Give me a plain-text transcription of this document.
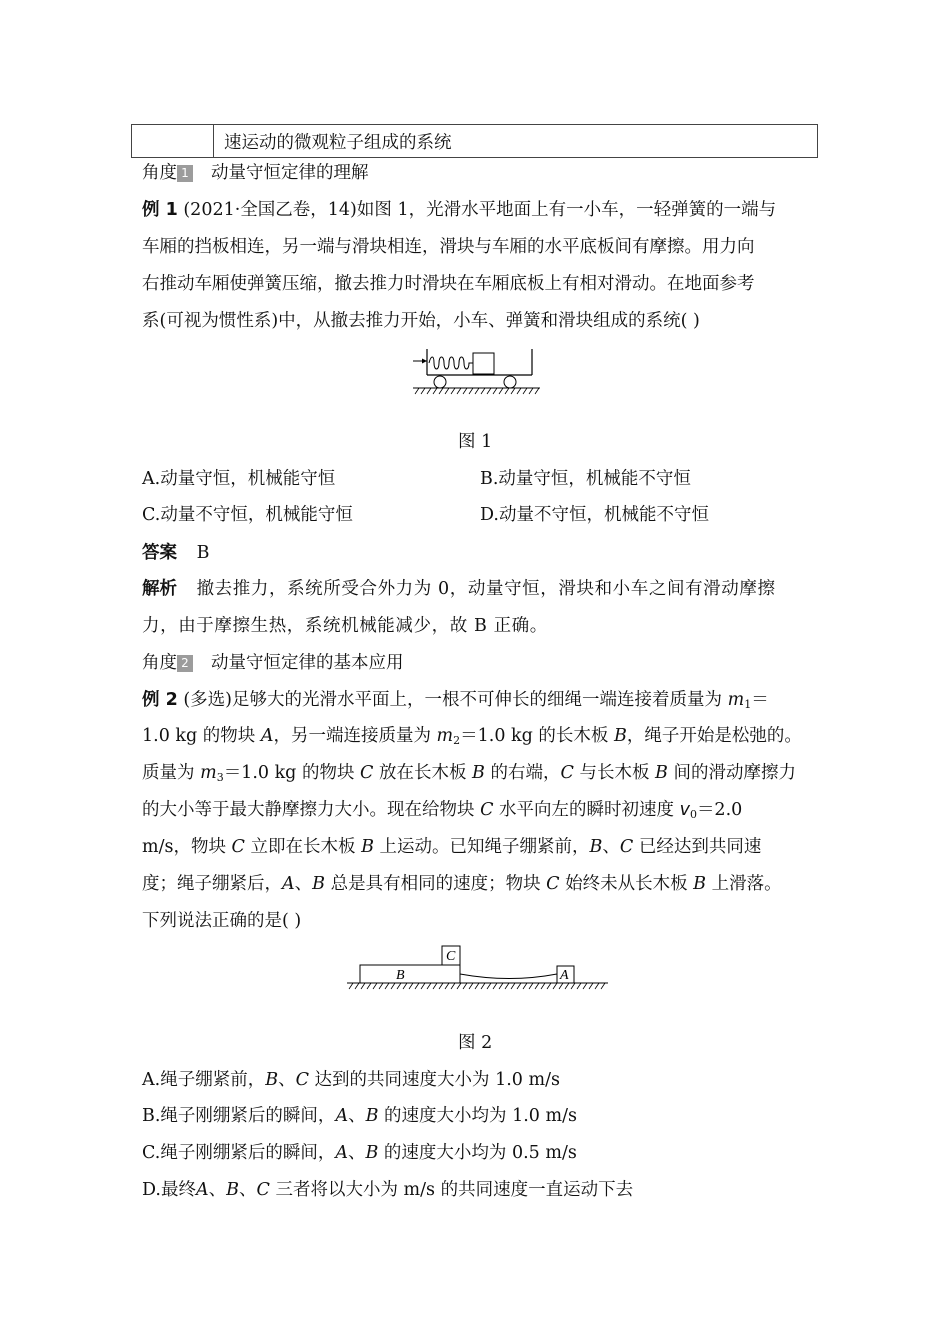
速运动的微观粒子组成的系统
角度 1 动量守恒定律的理解
例 1 (2021·全国乙卷，14)如图 1，光滑水平地面上有一小车，一轻弹簧的一端与
车厢的挡板相连，另一端与滑块相连，滑块与车厢的水平底板间有摩擦。用力向
右推动车厢使弹簧压缩，撤去推力时滑块在车厢底板上有相对滑动。在地面参考
系(可视为惯性系)中，从撤去推力开始，小车、弹簧和滑块组成的系统( )
图 1
A.动量守恒，机械能守恒	B.动量守恒，机械能不守恒
C.动量不守恒，机械能守恒	D.动量不守恒，机械能不守恒
答案 B
解析 撤去推力，系统所受合外力为 0，动量守恒，滑块和小车之间有滑动摩擦
力，由于摩擦生热，系统机械能减少，故 B 正确。
角度 2 动量守恒定律的基本应用
例 2 (多选)足够大的光滑水平面上，一根不可伸长的细绳一端连接着质量为 $m_1=$
1.0 kg 的物块 A，另一端连接质量为 $m_2=1.0$ kg 的长木板 B，绳子开始是松弛的。
质量为 $m_3=1.0$ kg 的物块 C 放在长木板 B 的右端，C 与长木板 B 间的滑动摩擦力
的大小等于最大静摩擦力大小。现在给物块 C 水平向左的瞬时初速度 $v_0=2.0$
m/s，物块 C 立即在长木板 B 上运动。已知绳子绷紧前，B、C 已经达到共同速
度；绳子绷紧后，A、B 总是具有相同的速度；物块 C 始终未从长木板 B 上滑落。
下列说法正确的是( )
B
C
A
图 2
A.绳子绷紧前，B、C 达到的共同速度大小为 1.0 m/s
B.绳子刚绷紧后的瞬间，A、B 的速度大小均为 1.0 m/s
C.绳子刚绷紧后的瞬间，A、B 的速度大小均为 0.5 m/s
D.最终A、B、C 三者将以大小为 m/s 的共同速度一直运动下去
